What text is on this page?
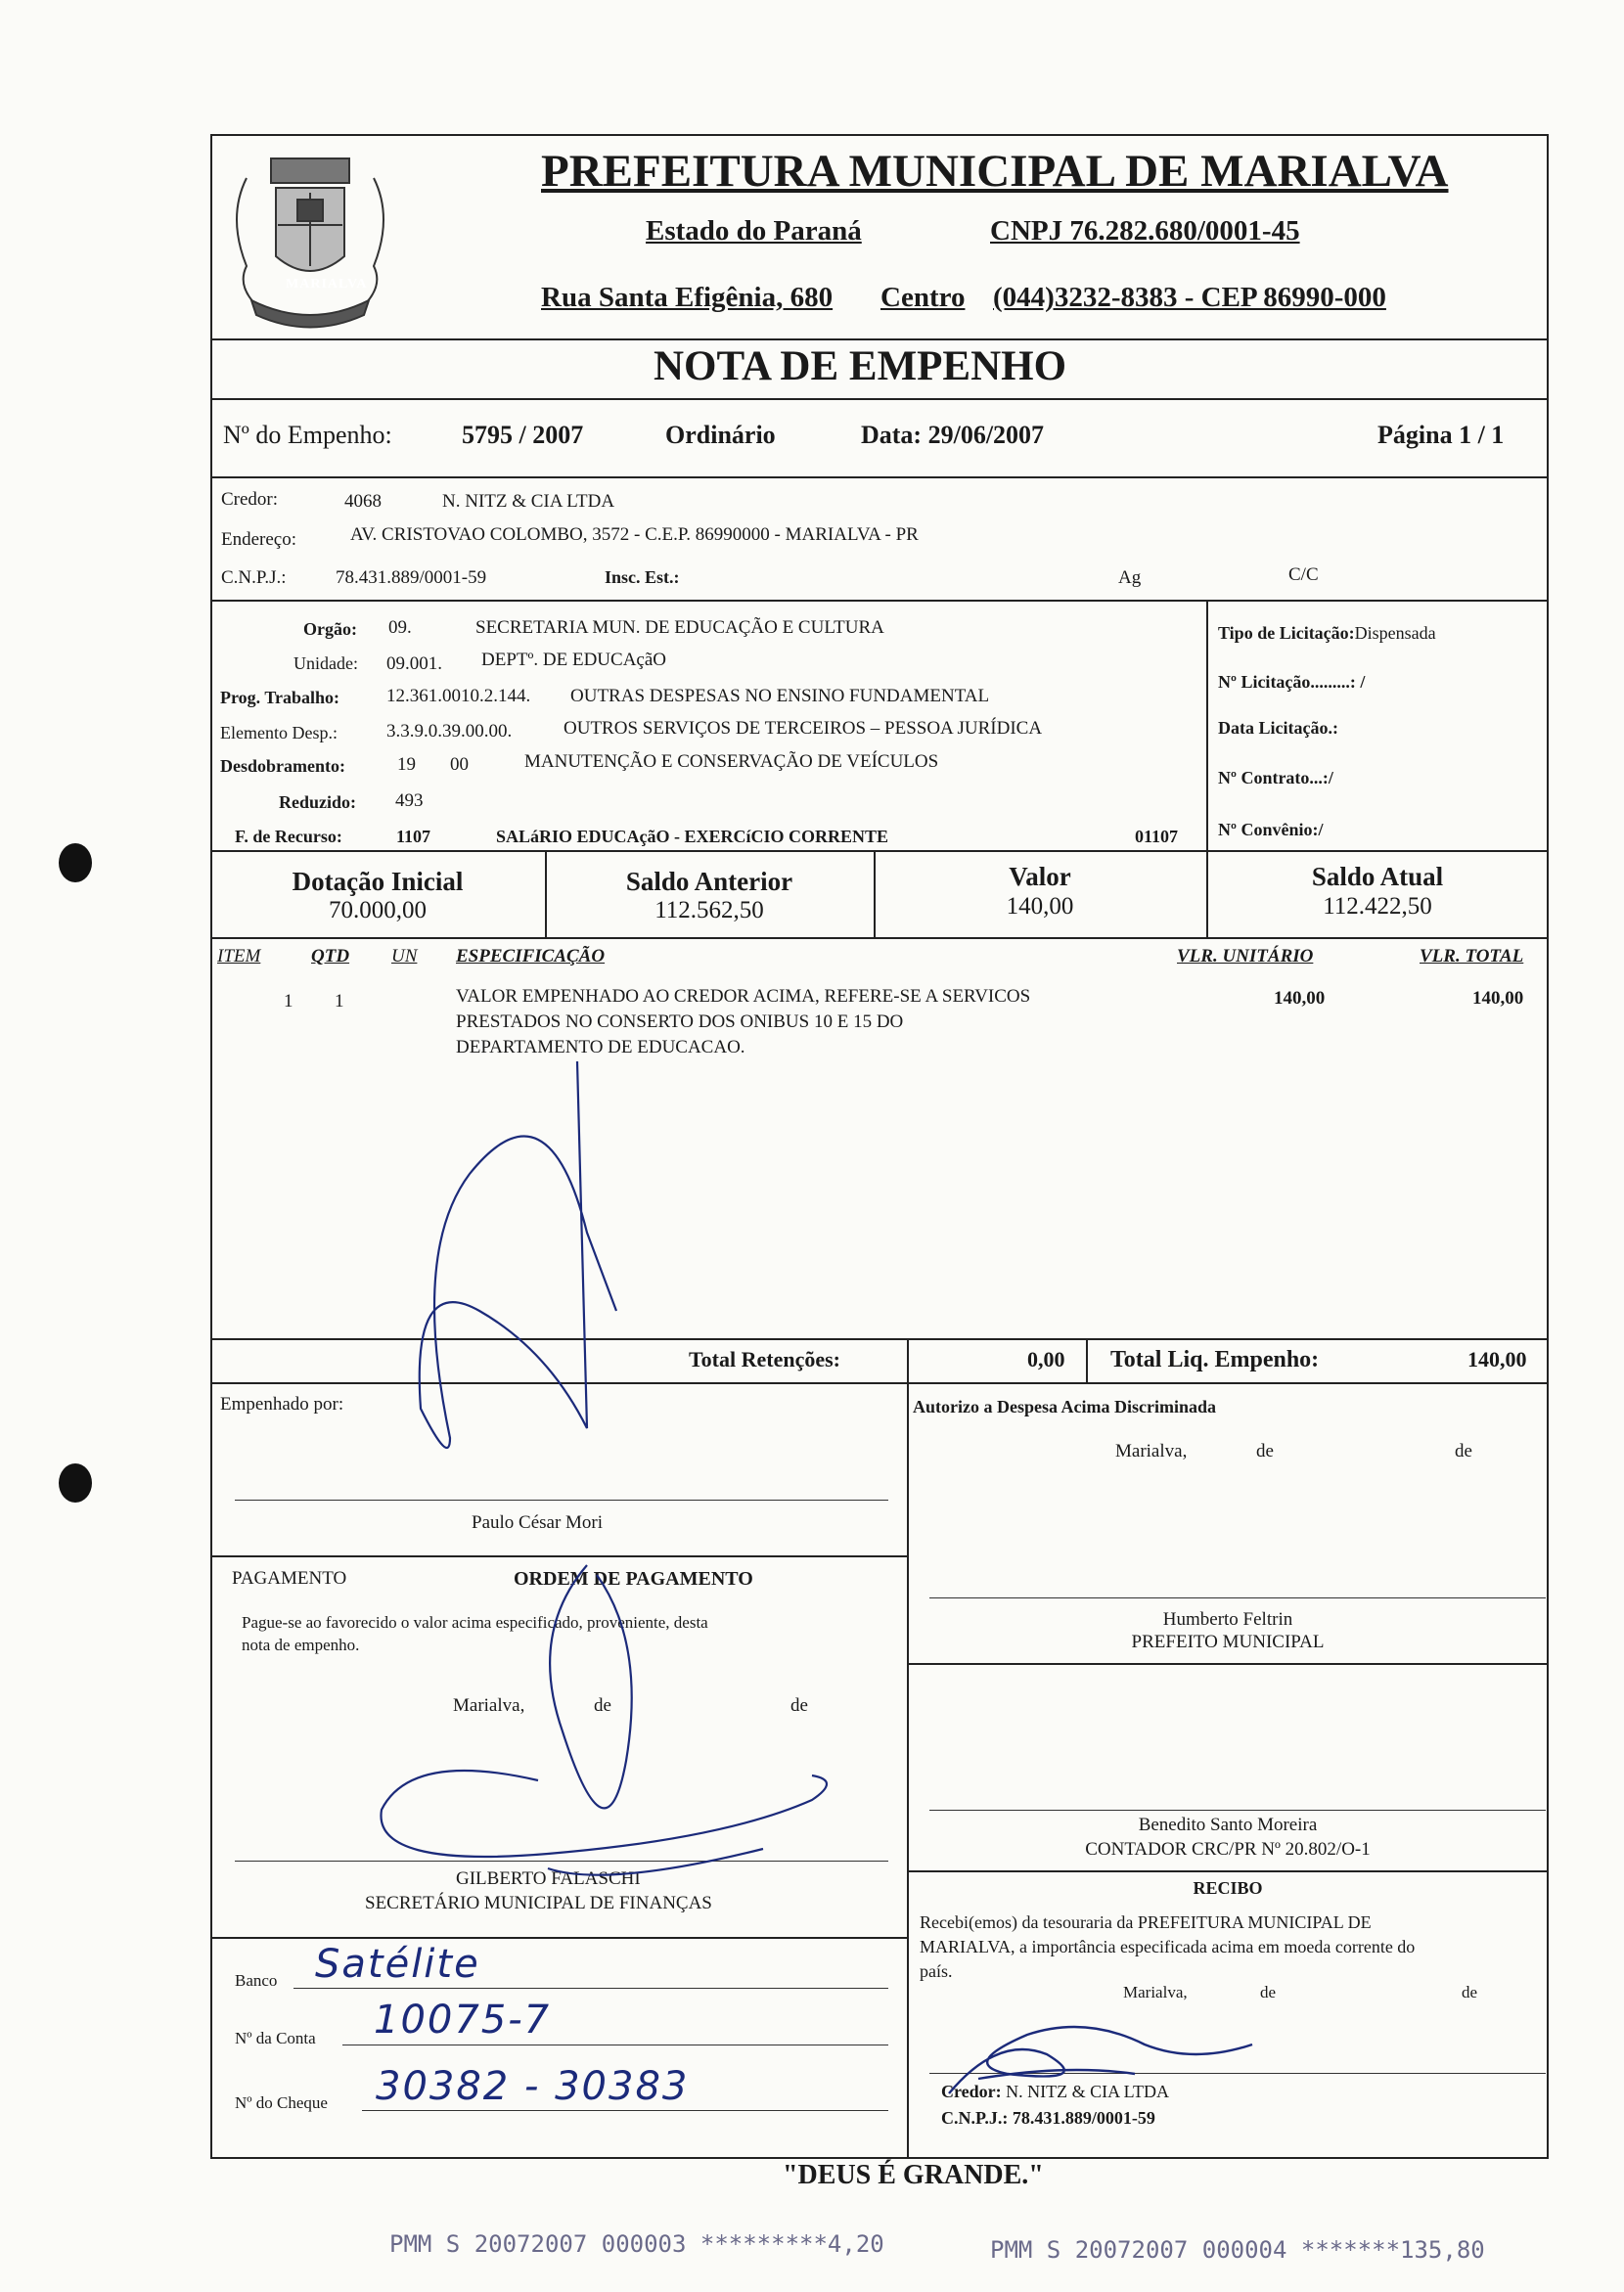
MARIALVA
PREFEITURA MUNICIPAL DE MARIALVA
Estado do Paraná	CNPJ 76.282.680/0001-45
Rua Santa Efigênia, 680 Centro (044)3232-8383 - CEP 86990-000
NOTA DE EMPENHO
Nº do Empenho:	5795 / 2007	Ordinário	Data: 29/06/2007	Página 1 / 1
Credor:	4068	N. NITZ & CIA LTDA
Endereço:	AV. CRISTOVAO COLOMBO, 3572 - C.E.P. 86990000 - MARIALVA - PR
C.N.P.J.:	78.431.889/0001-59	Insc. Est.:	Ag	C/C
Orgão: 09.	SECRETARIA MUN. DE EDUCAÇÃO E CULTURA
Unidade: 09.001. DEPTº. DE EDUCAçãO
Prog. Trabalho:	12.361.0010.2.144. OUTRAS DESPESAS NO ENSINO FUNDAMENTAL
Elemento Desp.:	3.3.9.0.39.00.00.	OUTROS SERVIÇOS DE TERCEIROS – PESSOA JURÍDICA
Desdobramento:	19 00	MANUTENÇÃO E CONSERVAÇÃO DE VEÍCULOS
Reduzido: 493
F. de Recurso:	1107	SALáRIO EDUCAçãO - EXERCíCIO CORRENTE	01107
Tipo de Licitação:Dispensada
Nº Licitação.........: /
Data Licitação.:
Nº Contrato...:/
Nº Convênio:/
Dotação Inicial
70.000,00
Saldo Anterior
112.562,50
Valor
140,00
Saldo Atual
112.422,50
ITEM	QTD UN ESPECIFICAÇÃO	VLR. UNITÁRIO	VLR. TOTAL
1 1	VALOR EMPENHADO AO CREDOR ACIMA, REFERE-SE A SERVICOS
PRESTADOS NO CONSERTO DOS ONIBUS 10 E 15 DO
DEPARTAMENTO DE EDUCACAO.
140,00	140,00
Total Retenções:	0,00 Total Liq. Empenho:	140,00
Empenhado por:
Paulo César Mori
Autorizo a Despesa Acima Discriminada
Marialva,	de	de
PAGAMENTO	ORDEM DE PAGAMENTO
Pague-se ao favorecido o valor acima especificado, proveniente, desta
nota de empenho.
Marialva,	de	de
GILBERTO FALASCHI
SECRETÁRIO MUNICIPAL DE FINANÇAS
Banco Satélite
Nº da Conta 10075-7
Nº do Cheque 30382 - 30383
Humberto Feltrin
PREFEITO MUNICIPAL
Benedito Santo Moreira
CONTADOR CRC/PR Nº 20.802/O-1
RECIBO
Recebi(emos) da tesouraria da PREFEITURA MUNICIPAL DE
MARIALVA, a importância especificada acima em moeda corrente do
país.
Marialva,	de	de
Credor: N. NITZ & CIA LTDA
C.N.P.J.: 78.431.889/0001-59
"DEUS É GRANDE."
PMM S 20072007 000003 *********4,20	PMM S 20072007 000004 *******135,80
